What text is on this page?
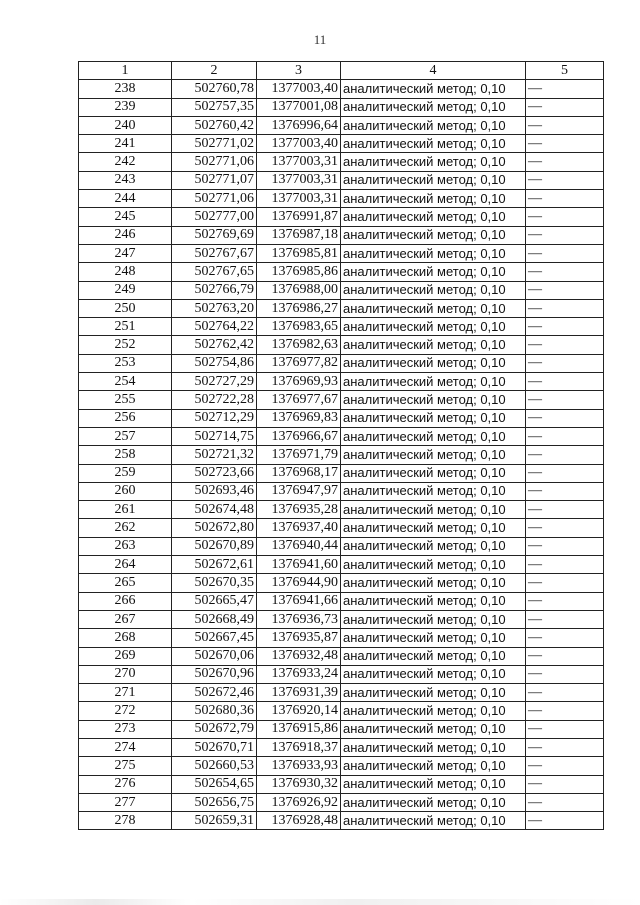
11
1	2	3	4	5
238	502760,78	1377003,40	аналитический метод; 0,10	—
239	502757,35	1377001,08	аналитический метод; 0,10	—
240	502760,42	1376996,64	аналитический метод; 0,10	—
241	502771,02	1377003,40	аналитический метод; 0,10	—
242	502771,06	1377003,31	аналитический метод; 0,10	—
243	502771,07	1377003,31	аналитический метод; 0,10	—
244	502771,06	1377003,31	аналитический метод; 0,10	—
245	502777,00	1376991,87	аналитический метод; 0,10	—
246	502769,69	1376987,18	аналитический метод; 0,10	—
247	502767,67	1376985,81	аналитический метод; 0,10	—
248	502767,65	1376985,86	аналитический метод; 0,10	—
249	502766,79	1376988,00	аналитический метод; 0,10	—
250	502763,20	1376986,27	аналитический метод; 0,10	—
251	502764,22	1376983,65	аналитический метод; 0,10	—
252	502762,42	1376982,63	аналитический метод; 0,10	—
253	502754,86	1376977,82	аналитический метод; 0,10	—
254	502727,29	1376969,93	аналитический метод; 0,10	—
255	502722,28	1376977,67	аналитический метод; 0,10	—
256	502712,29	1376969,83	аналитический метод; 0,10	—
257	502714,75	1376966,67	аналитический метод; 0,10	—
258	502721,32	1376971,79	аналитический метод; 0,10	—
259	502723,66	1376968,17	аналитический метод; 0,10	—
260	502693,46	1376947,97	аналитический метод; 0,10	—
261	502674,48	1376935,28	аналитический метод; 0,10	—
262	502672,80	1376937,40	аналитический метод; 0,10	—
263	502670,89	1376940,44	аналитический метод; 0,10	—
264	502672,61	1376941,60	аналитический метод; 0,10	—
265	502670,35	1376944,90	аналитический метод; 0,10	—
266	502665,47	1376941,66	аналитический метод; 0,10	—
267	502668,49	1376936,73	аналитический метод; 0,10	—
268	502667,45	1376935,87	аналитический метод; 0,10	—
269	502670,06	1376932,48	аналитический метод; 0,10	—
270	502670,96	1376933,24	аналитический метод; 0,10	—
271	502672,46	1376931,39	аналитический метод; 0,10	—
272	502680,36	1376920,14	аналитический метод; 0,10	—
273	502672,79	1376915,86	аналитический метод; 0,10	—
274	502670,71	1376918,37	аналитический метод; 0,10	—
275	502660,53	1376933,93	аналитический метод; 0,10	—
276	502654,65	1376930,32	аналитический метод; 0,10	—
277	502656,75	1376926,92	аналитический метод; 0,10	—
278	502659,31	1376928,48	аналитический метод; 0,10	—
